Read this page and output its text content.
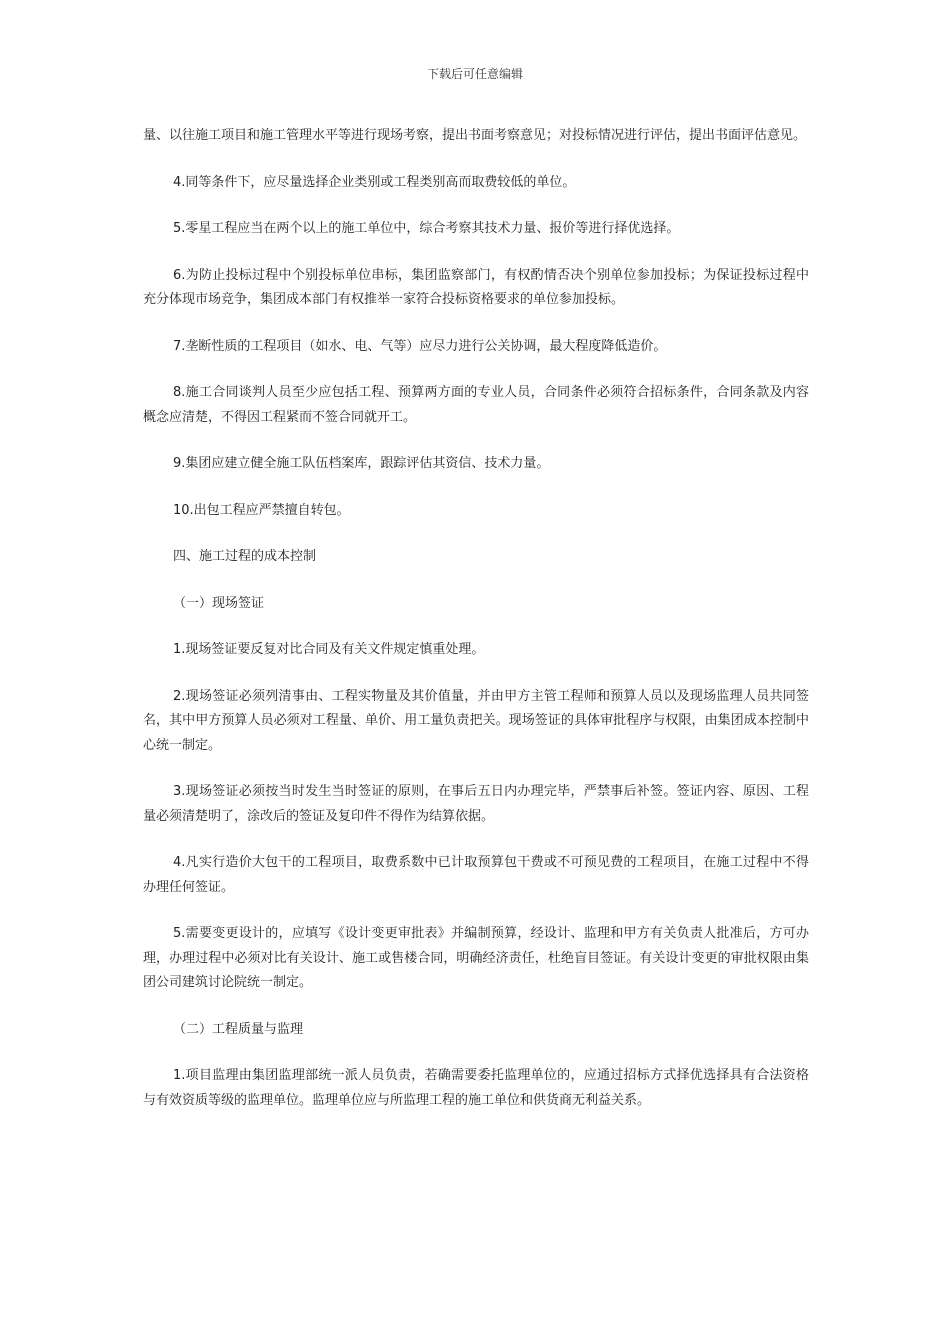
下载后可任意编辑

量、以往施工项目和施工管理水平等进行现场考察，提出书面考察意见；对投标情况进行评估，提出书面评估意见。

4.同等条件下，应尽量选择企业类别或工程类别高而取费较低的单位。

5.零星工程应当在两个以上的施工单位中，综合考察其技术力量、报价等进行择优选择。

6.为防止投标过程中个别投标单位串标，集团监察部门，有权酌情否决个别单位参加投标；为保证投标过程中充分体现市场竞争，集团成本部门有权推举一家符合投标资格要求的单位参加投标。

7.垄断性质的工程项目（如水、电、气等）应尽力进行公关协调，最大程度降低造价。

8.施工合同谈判人员至少应包括工程、预算两方面的专业人员，合同条件必须符合招标条件，合同条款及内容概念应清楚，不得因工程紧而不签合同就开工。

9.集团应建立健全施工队伍档案库，跟踪评估其资信、技术力量。

10.出包工程应严禁擅自转包。

四、施工过程的成本控制

（一）现场签证

1.现场签证要反复对比合同及有关文件规定慎重处理。

2.现场签证必须列清事由、工程实物量及其价值量，并由甲方主管工程师和预算人员以及现场监理人员共同签名，其中甲方预算人员必须对工程量、单价、用工量负责把关。现场签证的具体审批程序与权限，由集团成本控制中心统一制定。

3.现场签证必须按当时发生当时签证的原则，在事后五日内办理完毕，严禁事后补签。签证内容、原因、工程量必须清楚明了，涂改后的签证及复印件不得作为结算依据。

4.凡实行造价大包干的工程项目，取费系数中已计取预算包干费或不可预见费的工程项目，在施工过程中不得办理任何签证。

5.需要变更设计的，应填写《设计变更审批表》并编制预算，经设计、监理和甲方有关负责人批准后，方可办理，办理过程中必须对比有关设计、施工或售楼合同，明确经济责任，杜绝盲目签证。有关设计变更的审批权限由集团公司建筑讨论院统一制定。

（二）工程质量与监理

1.项目监理由集团监理部统一派人员负责，若确需要委托监理单位的，应通过招标方式择优选择具有合法资格与有效资质等级的监理单位。监理单位应与所监理工程的施工单位和供货商无利益关系。
